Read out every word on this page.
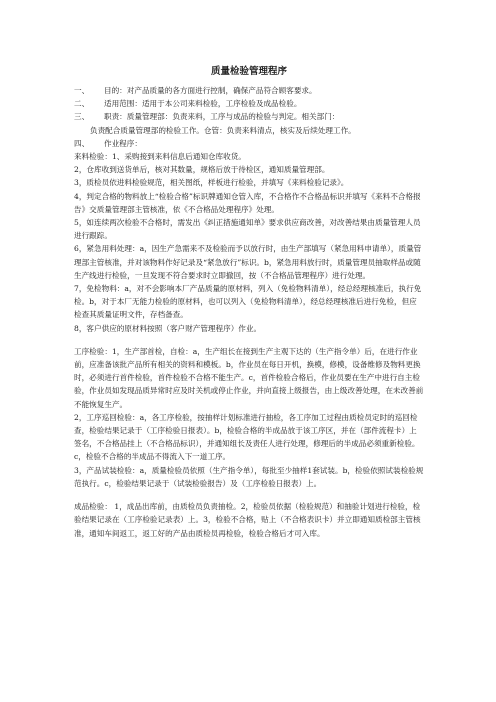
质量检验管理程序

一、 目的：对产品质量的各方面进行控制，确保产品符合顾客要求。

二、 适用范围：适用于本公司来料检验，工序检验及成品检验。

三、 职责：质量管理部：负责来料，工序与成品的检验与判定。相关部门：

负责配合质量管理部的检验工作。仓管：负责来料清点，核实及后续处理工作。

四、 作业程序：

来料检验：1、采购接到来料信息后通知仓库收货。

2，仓库收到送货单后，核对其数量，规格后放于待检区，通知质量管理部。

3，质检员依进料检验规范，相关图纸，样板进行检验，并填写《来料检验记录》。

4，判定合格的物料放上“检验合格”标识牌通知仓管入库，不合格作不合格品标识并填写《来料不合格报告》交质量管理部主管核准，依《不合格品处理程序》处理。

5，如连续两次检验不合格时，需发出《纠正措施通知单》要求供应商改善，对改善结果由质量管理人员进行跟踪。

6，紧急用料处理：a，因生产急需来不及检验而予以放行时，由生产部填写（紧急用料申请单），质量管理部主管核准，并对该物料作好记录及“紧急放行”标识。b，紧急用料放行时，质量管理员抽取样品或随生产线进行检验，一旦发现不符合要求时立即撤回，按（不合格品管理程序）进行处理。

7，免检物料：a，对不会影响本厂产品质量的原材料，列入（免检物料清单），经总经理核准后，执行免检。b，对于本厂无能力检验的原材料，也可以列入（免检物料清单），经总经理核准后进行免检，但应检查其质量证明文件，存档备查。

8，客户供应的原材料按照（客户财产管理程序）作业。

工序检验：1，生产部首检，自检：a，生产组长在接到生产主观下达的（生产指令单）后，在进行作业前，应准备该批产品所有相关的资料和模板。b，作业员在每日开机，换模，修模，设备维修及物料更换时，必须进行首件检验，首件检验不合格不能生产。c，首件检验合格后，作业员要在生产中进行自主检验，作业员如发现品质异常时应及时关机或停止作业，并向直接上级报告，由上级改善处理，在未改善前不能恢复生产。

2，工序巡回检验：a，各工序检验，按抽样计划标准进行抽检，各工序加工过程由质检员定时的巡回检查，检验结果记录于（工序检验日报表）。b，检验合格的半成品放于该工序区，并在（部件流程卡）上签名，不合格品挂上（不合格品标识），并通知组长及责任人进行处理，修理后的半成品必须重新检验。c，检验不合格的半成品不得流入下一道工序。

3，产品试装检验：a，质量检验员依照（生产指令单），每批至少抽样1套试装。b，检验依照试装检验规范执行。c，检验结果记录于（试装检验报告）及（工序检验日报表）上。

成品检验： 1，成品出库前，由质检员负责抽检。2，检验员依据（检验规范）和抽验计划进行检验，检验结果记录在（工序检验记录表）上。3，检验不合格，贴上（不合格表识卡）并立即通知质检部主管核准，通知车间返工，返工好的产品由质检员再检验，检验合格后才可入库。
